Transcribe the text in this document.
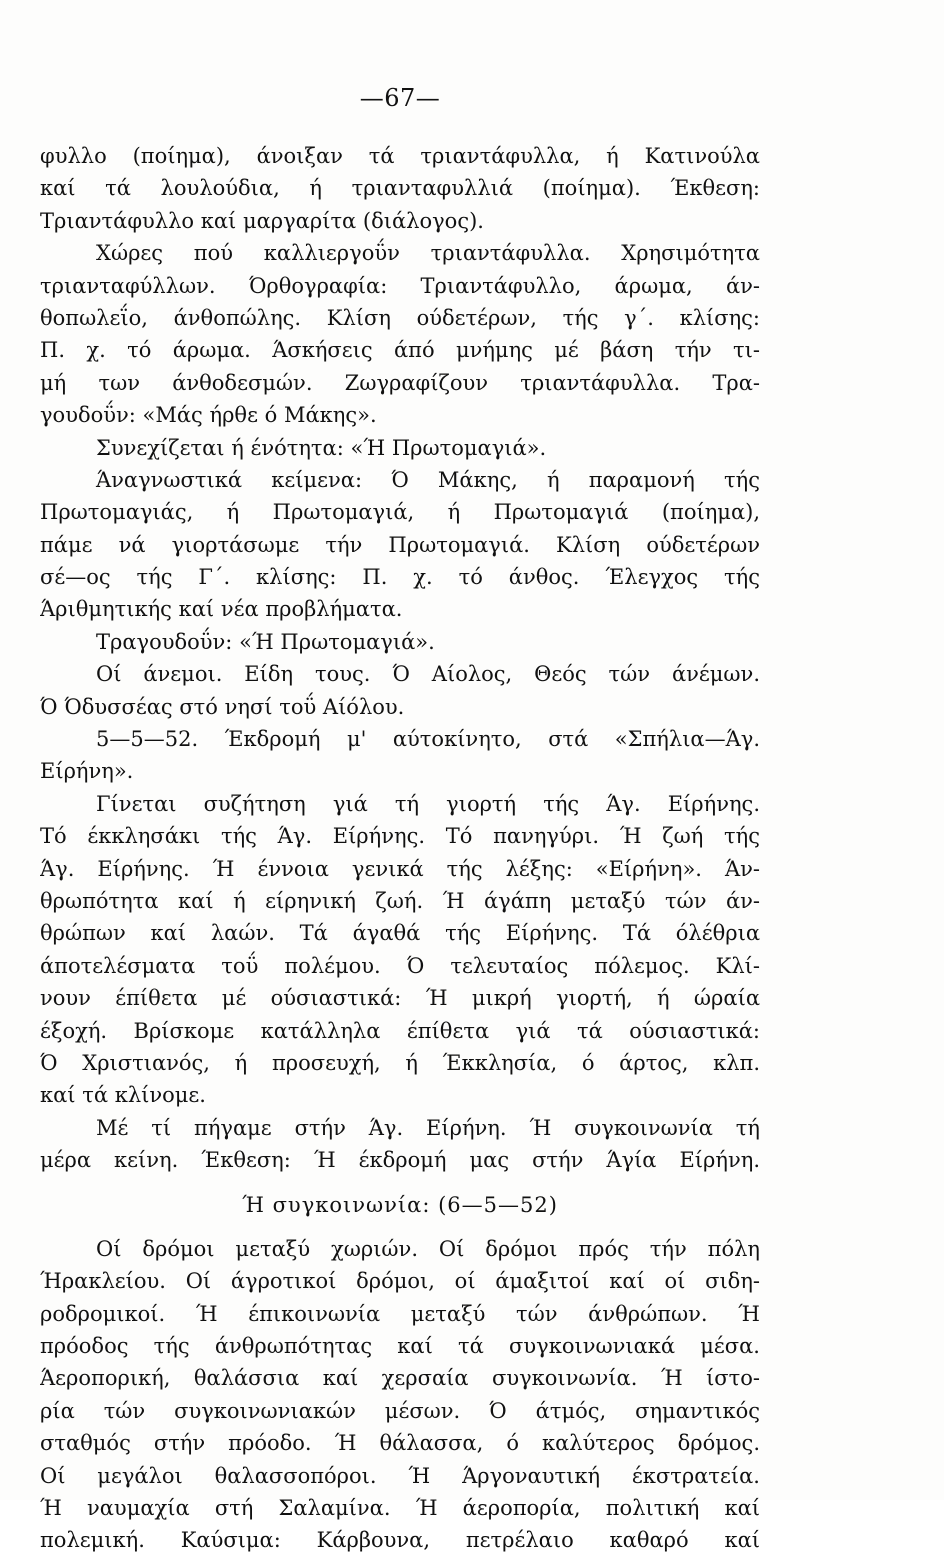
—67—
φυλλο (ποίημα), άνοιξαν τά τριαντάφυλλα, ή Κατινούλα
καί τά λουλούδια, ή τριανταφυλλιά (ποίημα). Έκθεση:
Τριαντάφυλλο καί μαργαρίτα (διάλογος).
Χώρες πού καλλιεργοΰν τριαντάφυλλα. Χρησιμότητα
τριανταφύλλων. Όρθογραφία: Τριαντάφυλλο, άρωμα, άν-
θοπωλεΐο, άνθοπώλης. Κλίση ούδετέρων, τής γ΄. κλίσης:
Π. χ. τό άρωμα. Άσκήσεις άπό μνήμης μέ βάση τήν τι-
μή των άνθοδεσμών. Ζωγραφίζουν τριαντάφυλλα. Τρα-
γουδοΰν: «Μάς ήρθε ό Μάκης».
Συνεχίζεται ή ένότητα: «Ή Πρωτομαγιά».
Άναγνωστικά κείμενα: Ό Μάκης, ή παραμονή τής
Πρωτομαγιάς, ή Πρωτομαγιά, ή Πρωτομαγιά (ποίημα),
πάμε νά γιορτάσωμε τήν Πρωτομαγιά. Κλίση ούδετέρων
σέ—ος τής Γ΄. κλίσης: Π. χ. τό άνθος. Έλεγχος τής
Άριθμητικής καί νέα προβλήματα.
Τραγουδοΰν: «Ή Πρωτομαγιά».
Οί άνεμοι. Είδη τους. Ό Αίολος, Θεός τών άνέμων.
Ό Όδυσσέας στό νησί τοΰ Αίόλου.
5—5—52. Έκδρομή μ' αύτοκίνητο, στά «Σπήλια—Άγ.
Είρήνη».
Γίνεται συζήτηση γιά τή γιορτή τής Άγ. Είρήνης.
Τό έκκλησάκι τής Άγ. Είρήνης. Τό πανηγύρι. Ή ζωή τής
Άγ. Είρήνης. Ή έννοια γενικά τής λέξης: «Είρήνη». Άν-
θρωπότητα καί ή είρηνική ζωή. Ή άγάπη μεταξύ τών άν-
θρώπων καί λαών. Τά άγαθά τής Είρήνης. Τά όλέθρια
άποτελέσματα τοΰ πολέμου. Ό τελευταίος πόλεμος. Κλί-
νουν έπίθετα μέ ούσιαστικά: Ή μικρή γιορτή, ή ώραία
έξοχή. Βρίσκομε κατάλληλα έπίθετα γιά τά ούσιαστικά:
Ό Χριστιανός, ή προσευχή, ή Έκκλησία, ό άρτος, κλπ.
καί τά κλίνομε.
Μέ τί πήγαμε στήν Άγ. Είρήνη. Ή συγκοινωνία τή
μέρα κείνη. Έκθεση: Ή έκδρομή μας στήν Άγία Είρήνη.
Ή συγκοινωνία: (6—5—52)
Οί δρόμοι μεταξύ χωριών. Οί δρόμοι πρός τήν πόλη
Ήρακλείου. Οί άγροτικοί δρόμοι, οί άμαξιτοί καί οί σιδη-
ροδρομικοί. Ή έπικοινωνία μεταξύ τών άνθρώπων. Ή
πρόοδος τής άνθρωπότητας καί τά συγκοινωνιακά μέσα.
Άεροπορική, θαλάσσια καί χερσαία συγκοινωνία. Ή ίστο-
ρία τών συγκοινωνιακών μέσων. Ό άτμός, σημαντικός
σταθμός στήν πρόοδο. Ή θάλασσα, ό καλύτερος δρόμος.
Οί μεγάλοι θαλασσοπόροι. Ή Άργοναυτική έκστρατεία.
Ή ναυμαχία στή Σαλαμίνα. Ή άεροπορία, πολιτική καί
πολεμική. Καύσιμα: Κάρβουνα, πετρέλαιο καθαρό καί
